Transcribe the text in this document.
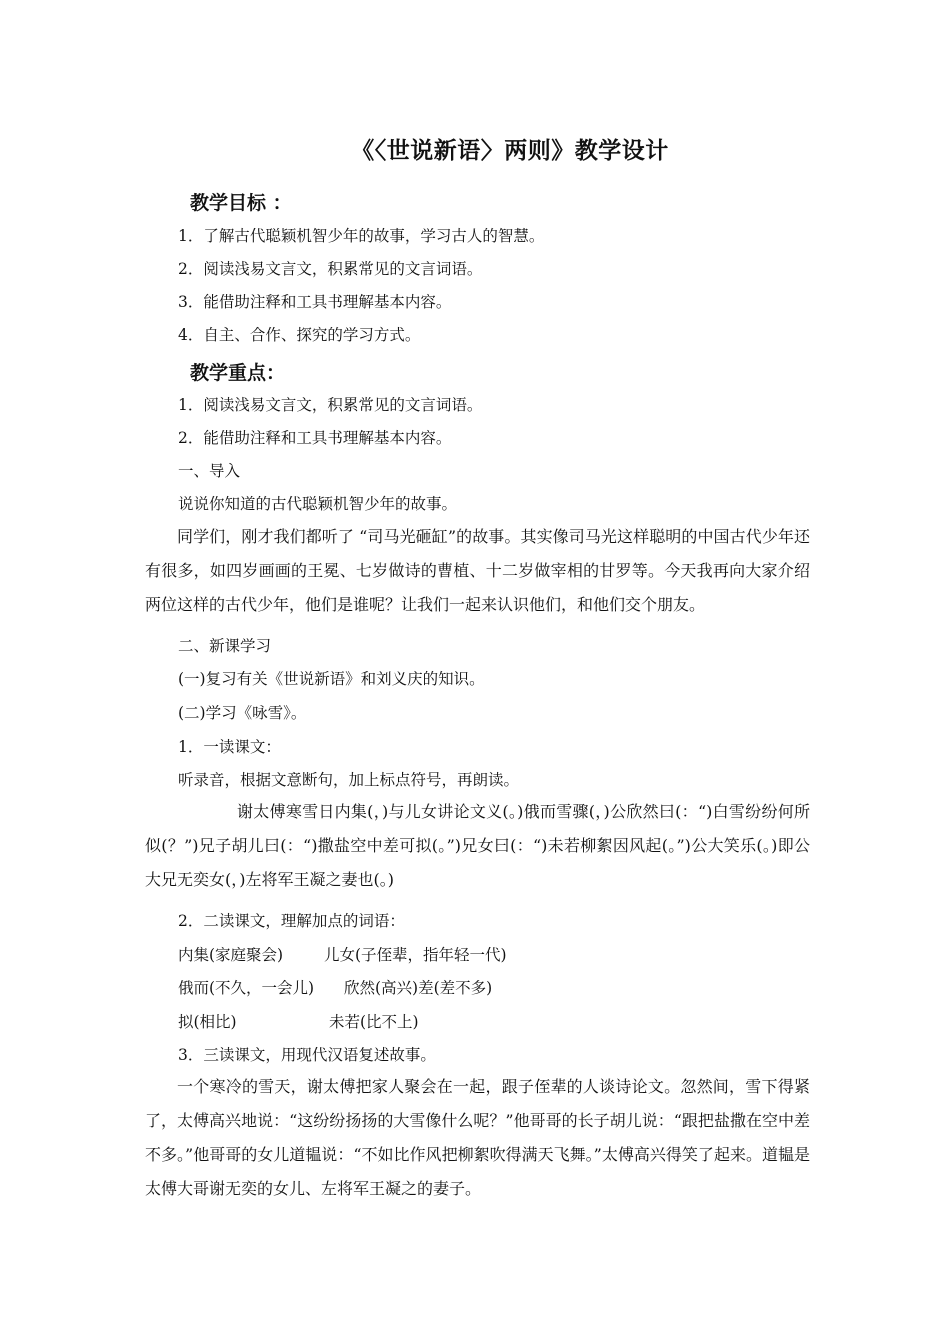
《〈世说新语〉两则》教学设计
教学目标 ：
1．了解古代聪颖机智少年的故事，学习古人的智慧。
2．阅读浅易文言文，积累常见的文言词语。
3．能借助注释和工具书理解基本内容。
4．自主、合作、探究的学习方式。
教学重点：
1．阅读浅易文言文，积累常见的文言词语。
2．能借助注释和工具书理解基本内容。
一、导入
说说你知道的古代聪颖机智少年的故事。
同学们，刚才我们都听了 “司马光砸缸”的故事。其实像司马光这样聪明的中国古代少年还有很多，如四岁画画的王冕、七岁做诗的曹植、十二岁做宰相的甘罗等。今天我再向大家介绍两位这样的古代少年，他们是谁呢？让我们一起来认识他们，和他们交个朋友。
二、新课学习
(一)复习有关《世说新语》和刘义庆的知识。
(二)学习《咏雪》。
1．一读课文：
听录音，根据文意断句，加上标点符号，再朗读。
谢太傅寒雪日内集(，)与儿女讲论文义(。)俄而雪骤(，)公欣然曰(：“)白雪纷纷何所似(？”)兄子胡儿曰(：“)撒盐空中差可拟(。”)兄女曰(：“)未若柳絮因风起(。”)公大笑乐(。)即公大兄无奕女(，)左将军王凝之妻也(。)
2．二读课文，理解加点的词语：
内集(家庭聚会)	儿女(子侄辈，指年轻一代)
俄而(不久，一会儿) 欣然(高兴)差(差不多)
拟(相比)	未若(比不上)
3．三读课文，用现代汉语复述故事。
一个寒冷的雪天，谢太傅把家人聚会在一起，跟子侄辈的人谈诗论文。忽然间，雪下得紧了，太傅高兴地说：“这纷纷扬扬的大雪像什么呢？”他哥哥的长子胡儿说：“跟把盐撒在空中差不多。”他哥哥的女儿道韫说：“不如比作风把柳絮吹得满天飞舞。”太傅高兴得笑了起来。道韫是太傅大哥谢无奕的女儿、左将军王凝之的妻子。
